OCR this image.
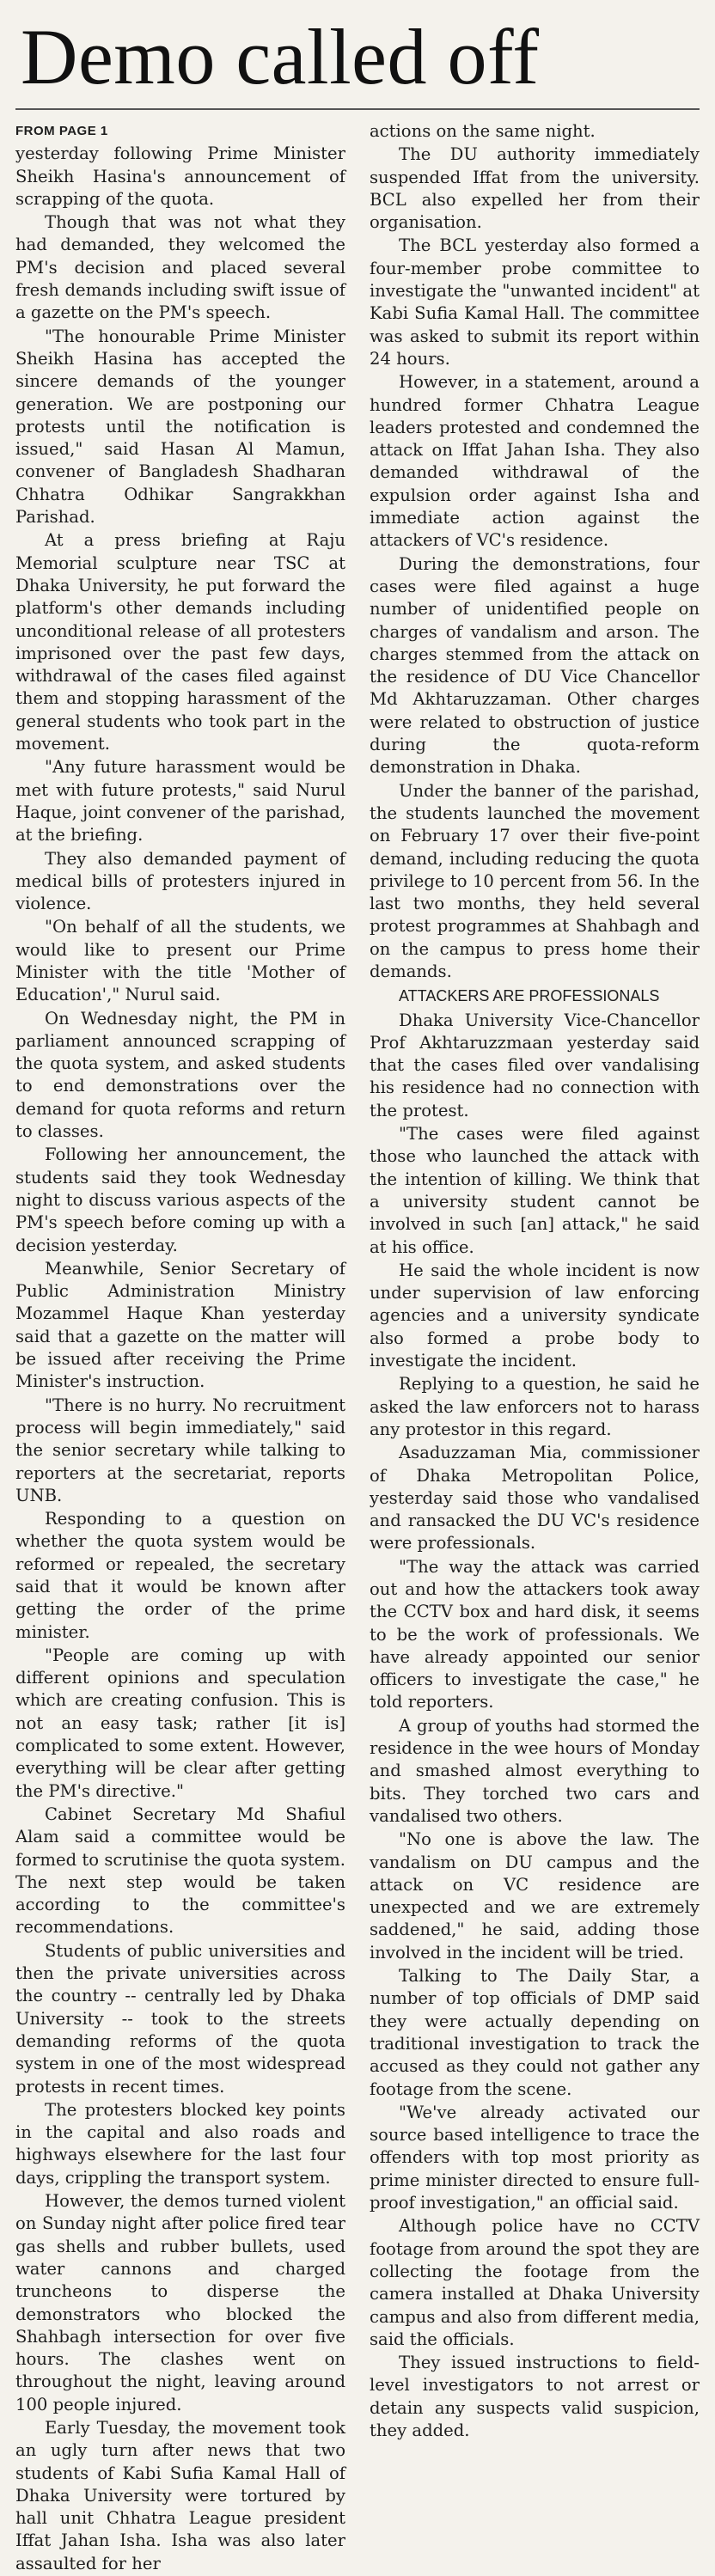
Demo called off
FROM PAGE 1

yesterday following Prime Minister Sheikh Hasina's announcement of scrapping of the quota.

Though that was not what they had demanded, they welcomed the PM's decision and placed several fresh demands including swift issue of a gazette on the PM's speech.

"The honourable Prime Minister Sheikh Hasina has accepted the sincere demands of the younger generation. We are postponing our protests until the notification is issued," said Hasan Al Mamun, convener of Bangladesh Shadharan Chhatra Odhikar Sangrakkhan Parishad.

At a press briefing at Raju Memorial sculpture near TSC at Dhaka University, he put forward the platform's other demands including unconditional release of all protesters imprisoned over the past few days, withdrawal of the cases filed against them and stopping harassment of the general students who took part in the movement.

"Any future harassment would be met with future protests," said Nurul Haque, joint convener of the parishad, at the briefing.

They also demanded payment of medical bills of protesters injured in violence.

"On behalf of all the students, we would like to present our Prime Minister with the title 'Mother of Education'," Nurul said.

On Wednesday night, the PM in parliament announced scrapping of the quota system, and asked students to end demonstrations over the demand for quota reforms and return to classes.

Following her announcement, the students said they took Wednesday night to discuss various aspects of the PM's speech before coming up with a decision yesterday.

Meanwhile, Senior Secretary of Public Administration Ministry Mozammel Haque Khan yesterday said that a gazette on the matter will be issued after receiving the Prime Minister's instruction.

"There is no hurry. No recruitment process will begin immediately," said the senior secretary while talking to reporters at the secretariat, reports UNB.

Responding to a question on whether the quota system would be reformed or repealed, the secretary said that it would be known after getting the order of the prime minister.

"People are coming up with different opinions and speculation which are creating confusion. This is not an easy task; rather [it is] complicated to some extent. However, everything will be clear after getting the PM's directive."

Cabinet Secretary Md Shafiul Alam said a committee would be formed to scrutinise the quota system. The next step would be taken according to the committee's recommendations.

Students of public universities and then the private universities across the country -- centrally led by Dhaka University -- took to the streets demanding reforms of the quota system in one of the most widespread protests in recent times.

The protesters blocked key points in the capital and also roads and highways elsewhere for the last four days, crippling the transport system.

However, the demos turned violent on Sunday night after police fired tear gas shells and rubber bullets, used water cannons and charged truncheons to disperse the demonstrators who blocked the Shahbagh intersection for over five hours. The clashes went on throughout the night, leaving around 100 people injured.

Early Tuesday, the movement took an ugly turn after news that two students of Kabi Sufia Kamal Hall of Dhaka University were tortured by hall unit Chhatra League president Iffat Jahan Isha. Isha was also later assaulted for her

actions on the same night.

The DU authority immediately suspended Iffat from the university. BCL also expelled her from their organisation.

The BCL yesterday also formed a four-member probe committee to investigate the "unwanted incident" at Kabi Sufia Kamal Hall. The committee was asked to submit its report within 24 hours.

However, in a statement, around a hundred former Chhatra League leaders protested and condemned the attack on Iffat Jahan Isha. They also demanded withdrawal of the expulsion order against Isha and immediate action against the attackers of VC's residence.

During the demonstrations, four cases were filed against a huge number of unidentified people on charges of vandalism and arson. The charges stemmed from the attack on the residence of DU Vice Chancellor Md Akhtaruzzaman. Other charges were related to obstruction of justice during the quota-reform demonstration in Dhaka.

Under the banner of the parishad, the students launched the movement on February 17 over their five-point demand, including reducing the quota privilege to 10 percent from 56. In the last two months, they held several protest programmes at Shahbagh and on the campus to press home their demands.

ATTACKERS ARE PROFESSIONALS

Dhaka University Vice-Chancellor Prof Akhtaruzzmaan yesterday said that the cases filed over vandalising his residence had no connection with the protest.

"The cases were filed against those who launched the attack with the intention of killing. We think that a university student cannot be involved in such [an] attack," he said at his office.

He said the whole incident is now under supervision of law enforcing agencies and a university syndicate also formed a probe body to investigate the incident.

Replying to a question, he said he asked the law enforcers not to harass any protestor in this regard.

Asaduzzaman Mia, commissioner of Dhaka Metropolitan Police, yesterday said those who vandalised and ransacked the DU VC's residence were professionals.

"The way the attack was carried out and how the attackers took away the CCTV box and hard disk, it seems to be the work of professionals. We have already appointed our senior officers to investigate the case," he told reporters.

A group of youths had stormed the residence in the wee hours of Monday and smashed almost everything to bits. They torched two cars and vandalised two others.

"No one is above the law. The vandalism on DU campus and the attack on VC residence are unexpected and we are extremely saddened," he said, adding those involved in the incident will be tried.

Talking to The Daily Star, a number of top officials of DMP said they were actually depending on traditional investigation to track the accused as they could not gather any footage from the scene.

"We've already activated our source based intelligence to trace the offenders with top most priority as prime minister directed to ensure full-proof investigation," an official said.

Although police have no CCTV footage from around the spot they are collecting the footage from the camera installed at Dhaka University campus and also from different media, said the officials.

They issued instructions to field-level investigators to not arrest or detain any suspects valid suspicion, they added.
